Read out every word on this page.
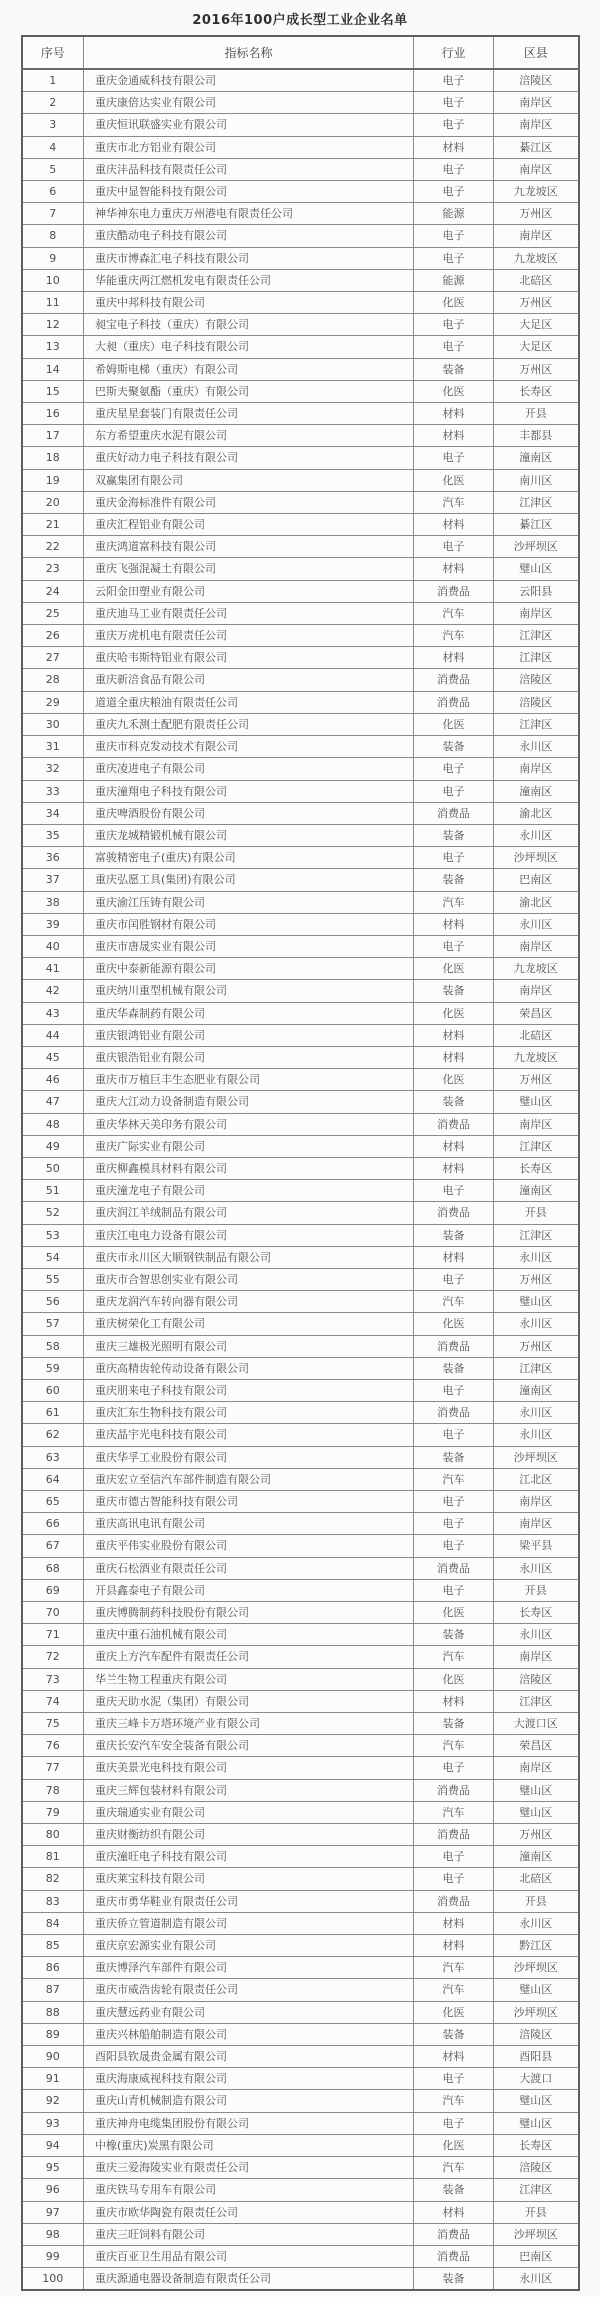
2016年100户成长型工业企业名单
序号	指标名称	行业	区县
1	重庆金通威科技有限公司	电子	涪陵区
2	重庆康倍达实业有限公司	电子	南岸区
3	重庆恒讯联盛实业有限公司	电子	南岸区
4	重庆市北方铝业有限公司	材料	綦江区
5	重庆沣品科技有限责任公司	电子	南岸区
6	重庆中显智能科技有限公司	电子	九龙坡区
7	神华神东电力重庆万州港电有限责任公司	能源	万州区
8	重庆酷动电子科技有限公司	电子	南岸区
9	重庆市博森汇电子科技有限公司	电子	九龙坡区
10	华能重庆两江燃机发电有限责任公司	能源	北碚区
11	重庆中邦科技有限公司	化医	万州区
12	昶宝电子科技（重庆）有限公司	电子	大足区
13	大昶（重庆）电子科技有限公司	电子	大足区
14	希姆斯电梯（重庆）有限公司	装备	万州区
15	巴斯夫聚氨酯（重庆）有限公司	化医	长寿区
16	重庆星星套装门有限责任公司	材料	开县
17	东方希望重庆水泥有限公司	材料	丰都县
18	重庆好动力电子科技有限公司	电子	潼南区
19	双赢集团有限公司	化医	南川区
20	重庆金海标准件有限公司	汽车	江津区
21	重庆汇程铝业有限公司	材料	綦江区
22	重庆鸿道富科技有限公司	电子	沙坪坝区
23	重庆飞强混凝土有限公司	材料	璧山区
24	云阳金田塑业有限公司	消费品	云阳县
25	重庆迪马工业有限责任公司	汽车	南岸区
26	重庆万虎机电有限责任公司	汽车	江津区
27	重庆哈韦斯特铝业有限公司	材料	江津区
28	重庆新涪食品有限公司	消费品	涪陵区
29	道道全重庆粮油有限责任公司	消费品	涪陵区
30	重庆九禾测土配肥有限责任公司	化医	江津区
31	重庆市科克发动技术有限公司	装备	永川区
32	重庆凌进电子有限公司	电子	南岸区
33	重庆潼翔电子科技有限公司	电子	潼南区
34	重庆啤酒股份有限公司	消费品	渝北区
35	重庆龙城精锻机械有限公司	装备	永川区
36	富骏精密电子(重庆)有限公司	电子	沙坪坝区
37	重庆弘愿工具(集团)有限公司	装备	巴南区
38	重庆渝江压铸有限公司	汽车	渝北区
39	重庆市闰胜钢材有限公司	材料	永川区
40	重庆市唐晟实业有限公司	电子	南岸区
41	重庆中泰新能源有限公司	化医	九龙坡区
42	重庆纳川重型机械有限公司	装备	南岸区
43	重庆华森制药有限公司	化医	荣昌区
44	重庆银鸿铝业有限公司	材料	北碚区
45	重庆银浩铝业有限公司	材料	九龙坡区
46	重庆市万植巨丰生态肥业有限公司	化医	万州区
47	重庆大江动力设备制造有限公司	装备	璧山区
48	重庆华林天美印务有限公司	消费品	南岸区
49	重庆广际实业有限公司	材料	江津区
50	重庆柳鑫模具材料有限公司	材料	长寿区
51	重庆潼龙电子有限公司	电子	潼南区
52	重庆润江羊绒制品有限公司	消费品	开县
53	重庆江电电力设备有限公司	装备	江津区
54	重庆市永川区大顺钢铁制品有限公司	材料	永川区
55	重庆市合智思创实业有限公司	电子	万州区
56	重庆龙润汽车转向器有限公司	汽车	璧山区
57	重庆树荣化工有限公司	化医	永川区
58	重庆三雄极光照明有限公司	消费品	万州区
59	重庆高精齿轮传动设备有限公司	装备	江津区
60	重庆朋来电子科技有限公司	电子	潼南区
61	重庆汇东生物科技有限公司	消费品	永川区
62	重庆晶宇光电科技有限公司	电子	永川区
63	重庆华孚工业股份有限公司	装备	沙坪坝区
64	重庆宏立至信汽车部件制造有限公司	汽车	江北区
65	重庆市德古智能科技有限公司	电子	南岸区
66	重庆高讯电讯有限公司	电子	南岸区
67	重庆平伟实业股份有限公司	电子	梁平县
68	重庆石松酒业有限责任公司	消费品	永川区
69	开县鑫泰电子有限公司	电子	开县
70	重庆博腾制药科技股份有限公司	化医	长寿区
71	重庆中重石油机械有限公司	装备	永川区
72	重庆上方汽车配件有限责任公司	汽车	南岸区
73	华兰生物工程重庆有限公司	化医	涪陵区
74	重庆天助水泥（集团）有限公司	材料	江津区
75	重庆三峰卡万塔环境产业有限公司	装备	大渡口区
76	重庆长安汽车安全装备有限公司	汽车	荣昌区
77	重庆美景光电科技有限公司	电子	南岸区
78	重庆三辉包装材料有限公司	消费品	璧山区
79	重庆瑞通实业有限公司	汽车	璧山区
80	重庆财衡纺织有限公司	消费品	万州区
81	重庆潼旺电子科技有限公司	电子	潼南区
82	重庆莱宝科技有限公司	电子	北碚区
83	重庆市勇华鞋业有限责任公司	消费品	开县
84	重庆侨立管道制造有限公司	材料	永川区
85	重庆京宏源实业有限公司	材料	黔江区
86	重庆博泽汽车部件有限公司	汽车	沙坪坝区
87	重庆市威浩齿轮有限责任公司	汽车	璧山区
88	重庆慧远药业有限公司	化医	沙坪坝区
89	重庆兴林船舶制造有限公司	装备	涪陵区
90	酉阳县钦晟贵金属有限公司	材料	酉阳县
91	重庆海康威视科技有限公司	电子	大渡口
92	重庆山青机械制造有限公司	汽车	璧山区
93	重庆神舟电缆集团股份有限公司	电子	璧山区
94	中橡(重庆)炭黑有限公司	化医	长寿区
95	重庆三爱海陵实业有限责任公司	汽车	涪陵区
96	重庆铁马专用车有限公司	装备	江津区
97	重庆市欧华陶瓷有限责任公司	材料	开县
98	重庆三旺饲料有限公司	消费品	沙坪坝区
99	重庆百亚卫生用品有限公司	消费品	巴南区
100	重庆源通电器设备制造有限责任公司	装备	永川区
